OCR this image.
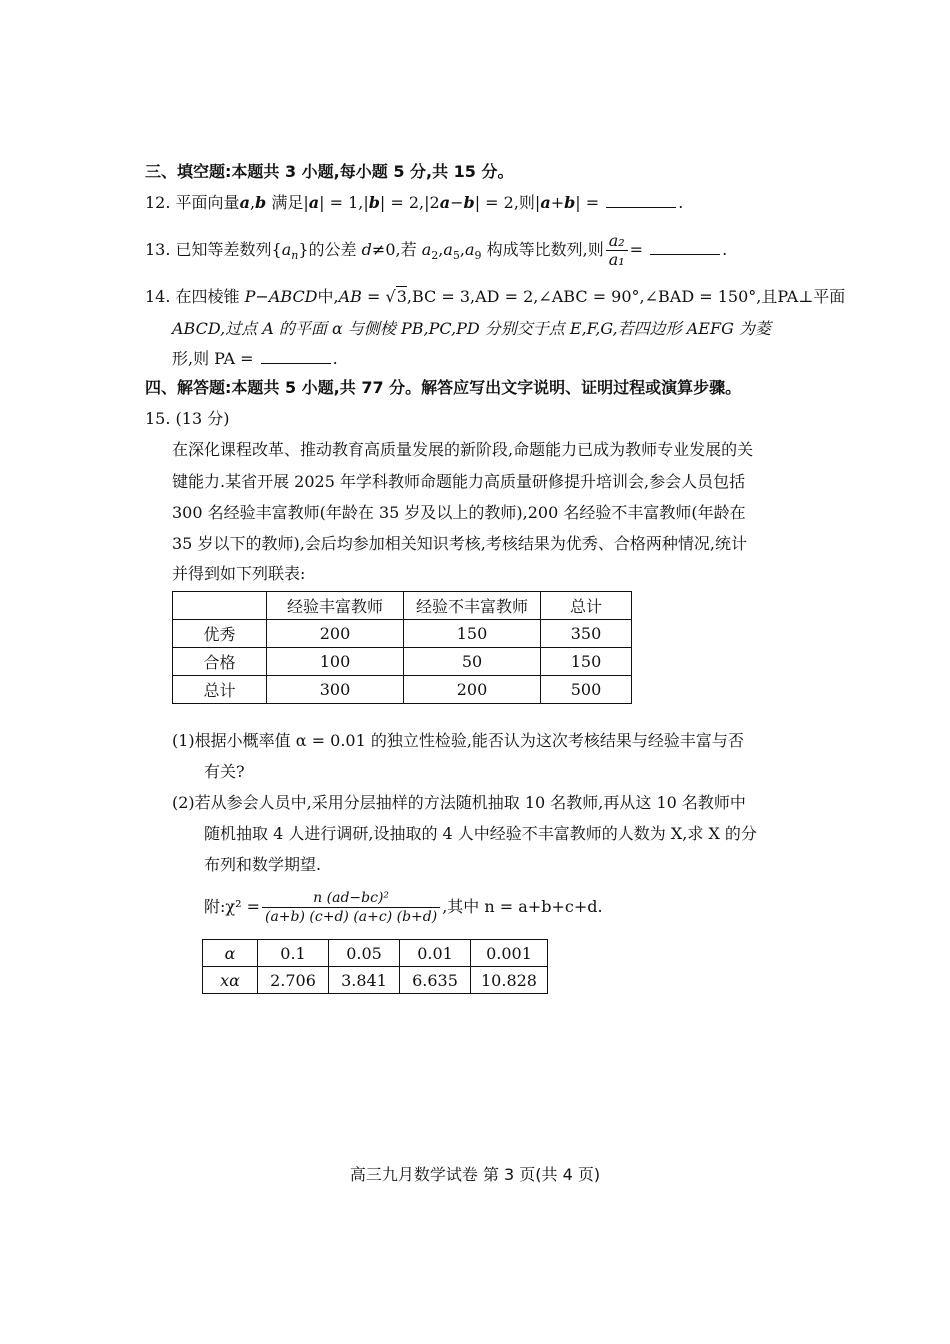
三、填空题:本题共 3 小题,每小题 5 分,共 15 分。
12. 平面向量a,b 满足|a| = 1,|b| = 2,|2a−b| = 2,则|a+b| =	.
13. 已知等差数列$\{a_n\}$的公差 d≠0,若 $a_2,a_5,a_9$ 构成等比数列,则 $\frac{\text{a₂}}{\text{a₁}}$ =	.
14. 在四棱锥 P−ABCD中,AB = √3,BC = 3,AD = 2,∠ABC = 90°,∠BAD = 150°,且PA⊥平面
ABCD,过点 A 的平面 α 与侧棱 PB,PC,PD 分别交于点 E,F,G,若四边形 AEFG 为菱
形,则 PA =	.
四、解答题:本题共 5 小题,共 77 分。解答应写出文字说明、证明过程或演算步骤。
15. (13 分)
在深化课程改革、推动教育高质量发展的新阶段,命题能力已成为教师专业发展的关
键能力.某省开展 2025 年学科教师命题能力高质量研修提升培训会,参会人员包括
300 名经验丰富教师(年龄在 35 岁及以上的教师),200 名经验不丰富教师(年龄在
35 岁以下的教师),会后均参加相关知识考核,考核结果为优秀、合格两种情况,统计
并得到如下列联表:
	经验丰富教师	经验不丰富教师	总计
优秀	200	150	350
合格	100	50	150
总计	300	200	500
(1)根据小概率值 α = 0.01 的独立性检验,能否认为这次考核结果与经验丰富与否
有关?
(2)若从参会人员中,采用分层抽样的方法随机抽取 10 名教师,再从这 10 名教师中
随机抽取 4 人进行调研,设抽取的 4 人中经验不丰富教师的人数为 X,求 X 的分
布列和数学期望.
附:χ² = $\frac{\text{n (ad−bc)²}}{(a+b) (c+d) (a+c) (b+d)}$ ,其中 n = a+b+c+d.
α	0.1	0.05	0.01	0.001
xα	2.706	3.841	6.635	10.828
高三九月数学试卷 第 3 页(共 4 页)
